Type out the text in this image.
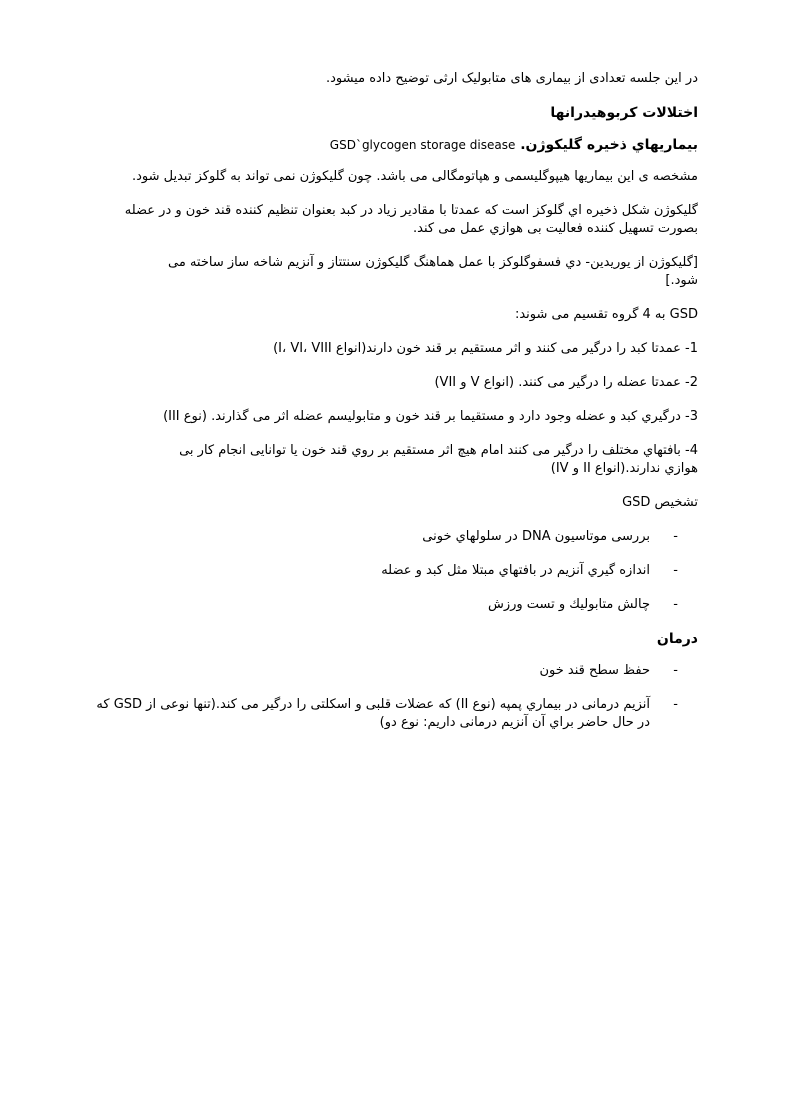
در این جلسه تعدادی از بیماری های متابولیک ارثی توضیح داده میشود.

اختلالات کربوهیدرانها

بيماريهاي ذخيره گليكوژن. GSD`glycogen storage disease

مشخصه ی این بیماریها هیپوگلیسمی و هپاتومگالی می باشد. چون گلیکوژن نمی تواند به گلوکز تبدیل شود.

گلیکوژن شکل ذخیره اي گلوکز است که عمدتا با مقادیر زیاد در کبد بعنوان تنظیم کننده قند خون و در عضله بصورت تسهیل کننده فعالیت بی هوازي عمل می کند.

[گليکوژن از يوريدين- دي فسفوگلوکز با عمل هماهنگ گليکوژن سنتتاز و آنزيم شاخه ساز ساخته می شود.]

GSD به 4 گروه تقسیم می شوند:

1- عمدتا کبد را درگیر می کنند و اثر مستقیم بر قند خون دارند(انواع I، VI، VIII)

2- عمدتا عضله را درگیر می کنند. (انواع V و VII)

3- درگیري کبد و عضله وجود دارد و مستقیما بر قند خون و متابولیسم عضله اثر می گذارند. (نوع III)

4- بافتهاي مختلف را درگیر می کنند امام هیچ اثر مستقیم بر روي قند خون یا توانایی انجام کار بی هوازي ندارند.(انواع II و IV)

تشخیص GSD

-
بررسی موتاسیون DNA در سلولهاي خونی
-
اندازه گیري آنزیم در بافتهاي مبتلا مثل کبد و عضله
-
چالش متابولیك و تست ورزش

درمان

-
حفظ سطح قند خون
-
آنزیم درمانی در بیماري پمپه (نوع II) که عضلات قلبی و اسکلتی را درگیر می کند.(تنها نوعی از GSD که در حال حاضر براي آن آنزیم درمانی داریم: نوع دو)
